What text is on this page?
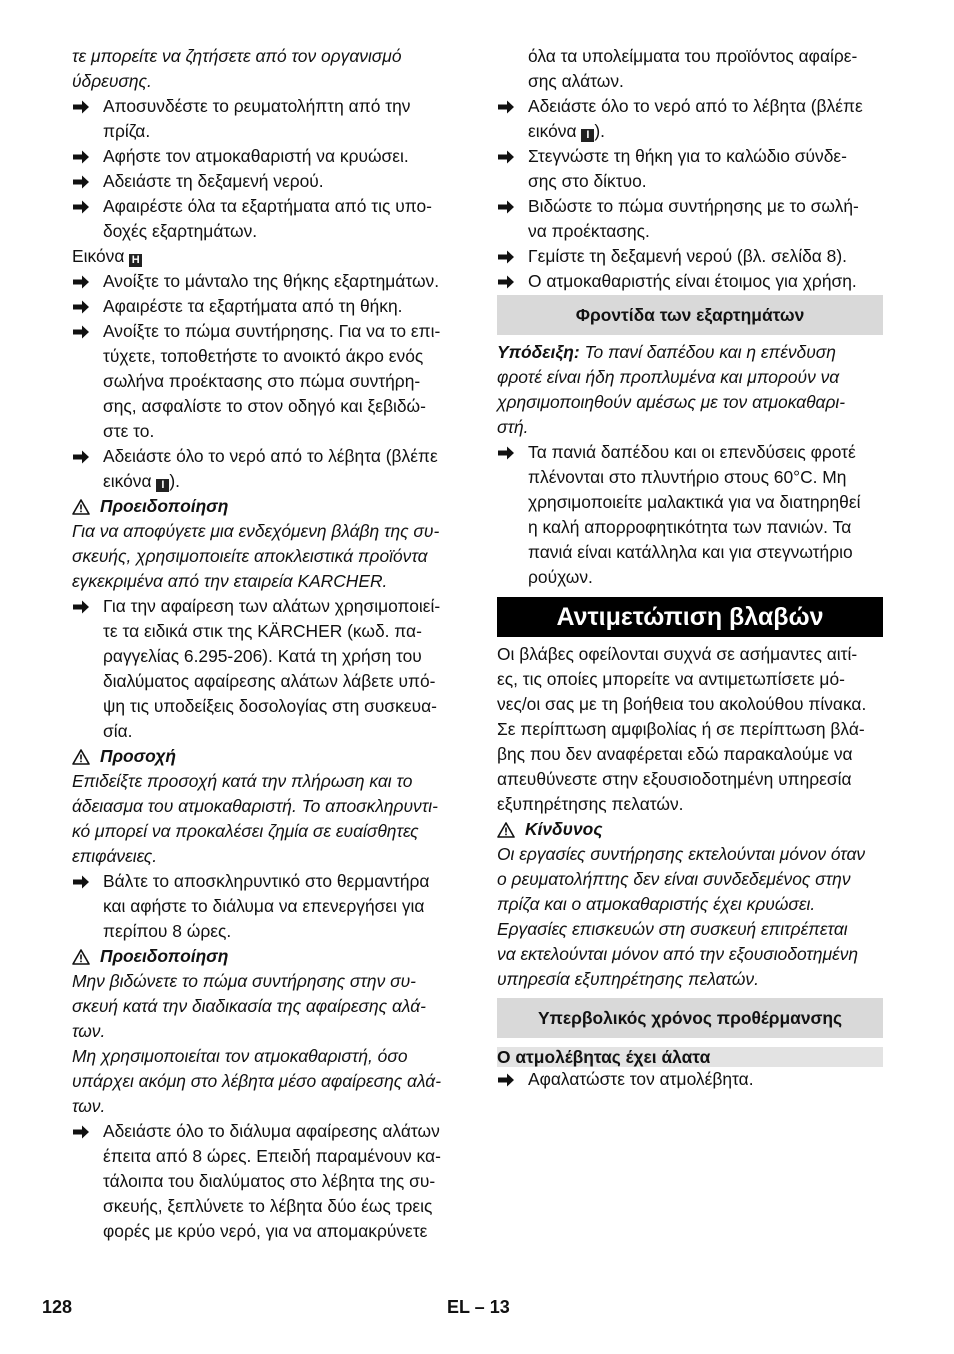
τε μπορείτε να ζητήσετε από τον οργανισμό
ύδρευσης.

Αποσυνδέστε το ρευματολήπτη από την
πρίζα.
Αφήστε τον ατμοκαθαριστή να κρυώσει.
Αδειάστε τη δεξαμενή νερού.
Αφαιρέστε όλα τα εξαρτήματα από τις υπο-
δοχές εξαρτημάτων.

Εικόνα H

Ανοίξτε το μάνταλο της θήκης εξαρτημάτων.
Αφαιρέστε τα εξαρτήματα από τη θήκη.
Ανοίξτε το πώμα συντήρησης. Για να το επι-
τύχετε, τοποθετήστε το ανοικτό άκρο ενός
σωλήνα προέκτασης στο πώμα συντήρη-
σης, ασφαλίστε το στον οδηγό και ξεβιδώ-
στε το.
Αδειάστε όλο το νερό από το λέβητα (βλέπε
εικόνα I ).
Προειδοποίηση

Για να αποφύγετε μια ενδεχόμενη βλάβη της συ-
σκευής, χρησιμοποιείτε αποκλειστικά προϊόντα
εγκεκριμένα από την εταιρεία KARCHER.

Για την αφαίρεση των αλάτων χρησιμοποιεί-
τε τα ειδικά στικ της KÄRCHER (κωδ. πα-
ραγγελίας 6.295-206). Κατά τη χρήση του
διαλύματος αφαίρεσης αλάτων λάβετε υπό-
ψη τις υποδείξεις δοσολογίας στη συσκευα-
σία.
Προσοχή

Επιδείξτε προσοχή κατά την πλήρωση και το
άδειασμα του ατμοκαθαριστή. Το αποσκληρυντι-
κό μπορεί να προκαλέσει ζημία σε ευαίσθητες
επιφάνειες.

Βάλτε το αποσκληρυντικό στο θερμαντήρα
και αφήστε το διάλυμα να επενεργήσει για
περίπου 8 ώρες.
Προειδοποίηση

Μην βιδώνετε το πώμα συντήρησης στην συ-
σκευή κατά την διαδικασία της αφαίρεσης αλά-
των.
Μη χρησιμοποιείται τον ατμοκαθαριστή, όσο
υπάρχει ακόμη στο λέβητα μέσο αφαίρεσης αλά-
των.

Αδειάστε όλο το διάλυμα αφαίρεσης αλάτων
έπειτα από 8 ώρες. Επειδή παραμένουν κα-
τάλοιπα του διαλύματος στο λέβητα της συ-
σκευής, ξεπλύνετε το λέβητα δύο έως τρεις
φορές με κρύο νερό, για να απομακρύνετε

όλα τα υπολείμματα του προϊόντος αφαίρε-
σης αλάτων.

Αδειάστε όλο το νερό από το λέβητα (βλέπε
εικόνα I ).
Στεγνώστε τη θήκη για το καλώδιο σύνδε-
σης στο δίκτυο.
Βιδώστε το πώμα συντήρησης με το σωλή-
να προέκτασης.
Γεμίστε τη δεξαμενή νερού (βλ. σελίδα 8).
Ο ατμοκαθαριστής είναι έτοιμος για χρήση.
Φροντίδα των εξαρτημάτων

Υπόδειξη: Το πανί δαπέδου και η επένδυση
φροτέ είναι ήδη προπλυμένα και μπορούν να
χρησιμοποιηθούν αμέσως με τον ατμοκαθαρι-
στή.

Τα πανιά δαπέδου και οι επενδύσεις φροτέ
πλένονται στο πλυντήριο στους 60°C. Μη
χρησιμοποιείτε μαλακτικά για να διατηρηθεί
η καλή απορροφητικότητα των πανιών. Τα
πανιά είναι κατάλληλα και για στεγνωτήριο
ρούχων.
Αντιμετώπιση βλαβών

Οι βλάβες οφείλονται συχνά σε ασήμαντες αιτί-
ες, τις οποίες μπορείτε να αντιμετωπίσετε μό-
νες/οι σας με τη βοήθεια του ακολούθου πίνακα.
Σε περίπτωση αμφιβολίας ή σε περίπτωση βλά-
βης που δεν αναφέρεται εδώ παρακαλούμε να
απευθύνεστε στην εξουσιοδοτημένη υπηρεσία
εξυπηρέτησης πελατών.

Κίνδυνος

Οι εργασίες συντήρησης εκτελούνται μόνον όταν
ο ρευματολήπτης δεν είναι συνδεδεμένος στην
πρίζα και ο ατμοκαθαριστής έχει κρυώσει.
Εργασίες επισκευών στη συσκευή επιτρέπεται
να εκτελούνται μόνον από την εξουσιοδοτημένη
υπηρεσία εξυπηρέτησης πελατών.

Υπερβολικός χρόνος προθέρμανσης
Ο ατμολέβητας έχει άλατα
Αφαλατώστε τον ατμολέβητα.
128	EL – 13
